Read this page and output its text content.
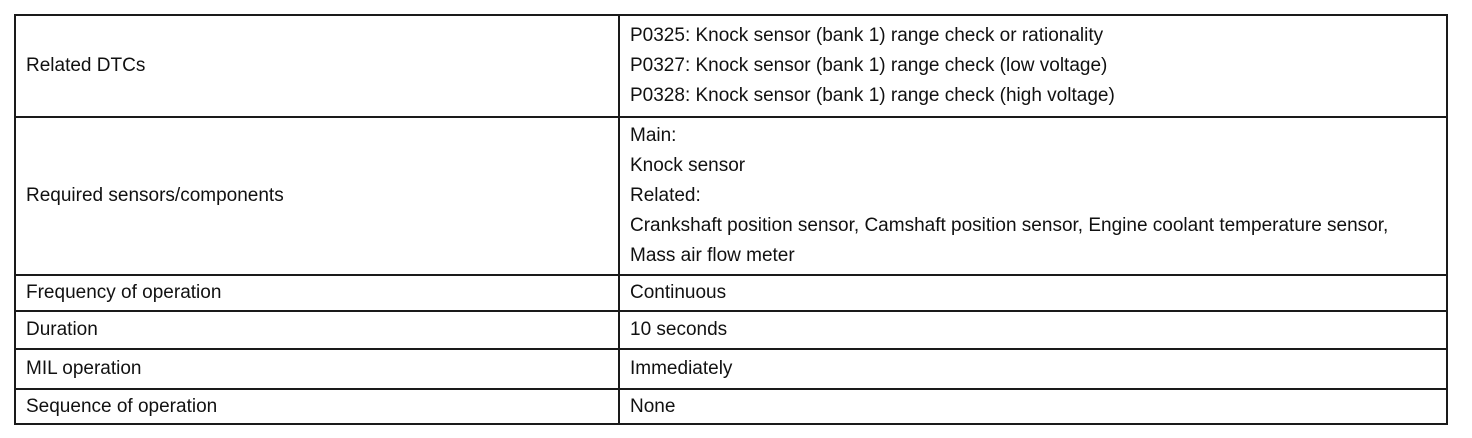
Related DTCs	P0325: Knock sensor (bank 1) range check or rationality
P0327: Knock sensor (bank 1) range check (low voltage)
P0328: Knock sensor (bank 1) range check (high voltage)

Required sensors/components	Main:
Knock sensor
Related:
Crankshaft position sensor, Camshaft position sensor, Engine coolant temperature sensor, Mass air flow meter

Frequency of operation	Continuous
Duration	10 seconds
MIL operation	Immediately
Sequence of operation	None
